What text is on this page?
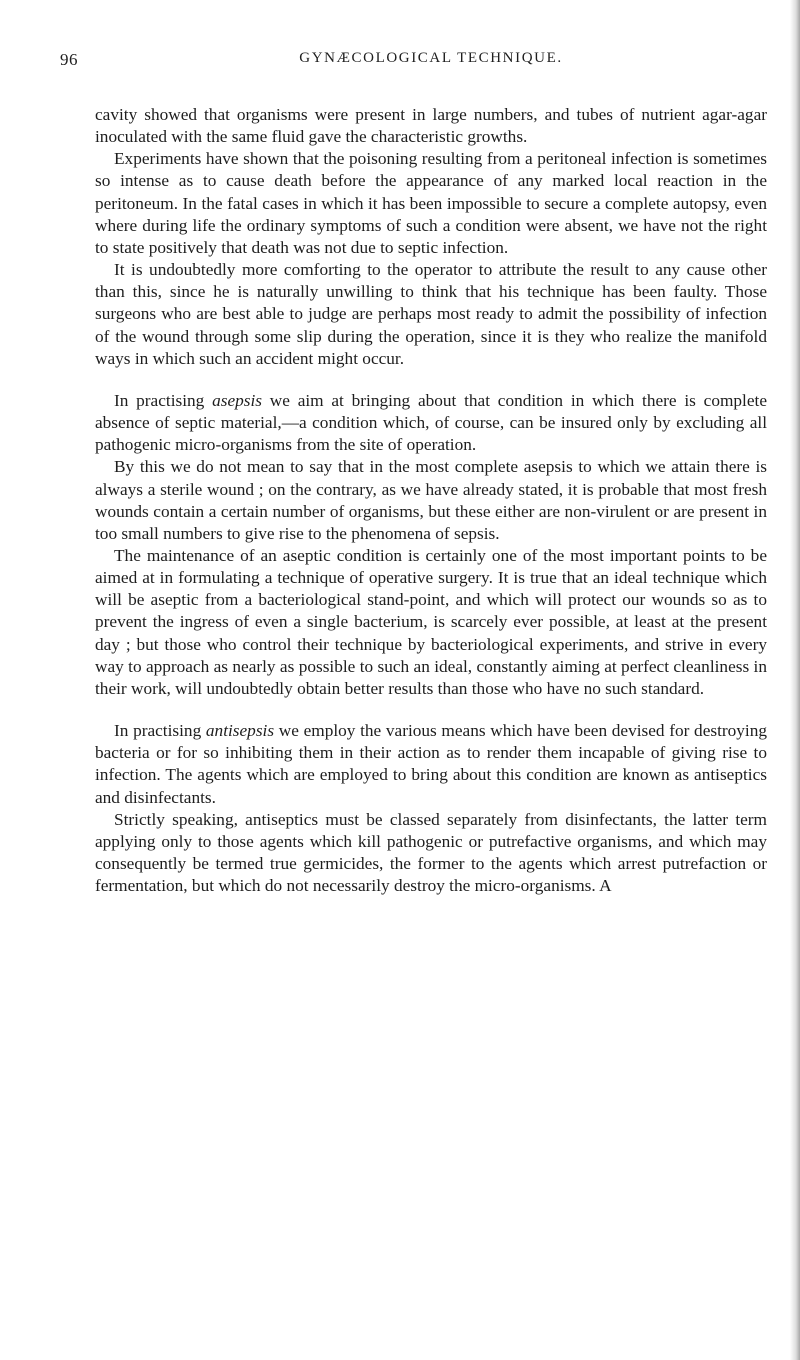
96	GYNÆCOLOGICAL TECHNIQUE.

cavity showed that organisms were present in large numbers, and tubes of nutrient agar-agar inoculated with the same fluid gave the characteristic growths.

Experiments have shown that the poisoning resulting from a peritoneal infection is sometimes so intense as to cause death before the appearance of any marked local reaction in the peritoneum. In the fatal cases in which it has been impossible to secure a complete autopsy, even where during life the ordinary symptoms of such a condition were absent, we have not the right to state positively that death was not due to septic infection.

It is undoubtedly more comforting to the operator to attribute the result to any cause other than this, since he is naturally unwilling to think that his technique has been faulty. Those surgeons who are best able to judge are perhaps most ready to admit the possibility of infection of the wound through some slip during the operation, since it is they who realize the manifold ways in which such an accident might occur.

In practising asepsis we aim at bringing about that condition in which there is complete absence of septic material,—a condition which, of course, can be insured only by excluding all pathogenic micro-organisms from the site of operation.

By this we do not mean to say that in the most complete asepsis to which we attain there is always a sterile wound ; on the contrary, as we have already stated, it is probable that most fresh wounds contain a certain number of organisms, but these either are non-virulent or are present in too small numbers to give rise to the phenomena of sepsis.

The maintenance of an aseptic condition is certainly one of the most important points to be aimed at in formulating a technique of operative surgery. It is true that an ideal technique which will be aseptic from a bacteriological stand-point, and which will protect our wounds so as to prevent the ingress of even a single bacterium, is scarcely ever possible, at least at the present day ; but those who control their technique by bacteriological experiments, and strive in every way to approach as nearly as possible to such an ideal, constantly aiming at perfect cleanliness in their work, will undoubtedly obtain better results than those who have no such standard.

In practising antisepsis we employ the various means which have been devised for destroying bacteria or for so inhibiting them in their action as to render them incapable of giving rise to infection. The agents which are employed to bring about this condition are known as antiseptics and disinfectants.

Strictly speaking, antiseptics must be classed separately from disinfectants, the latter term applying only to those agents which kill pathogenic or putrefactive organisms, and which may consequently be termed true germicides, the former to the agents which arrest putrefaction or fermentation, but which do not necessarily destroy the micro-organisms. A
